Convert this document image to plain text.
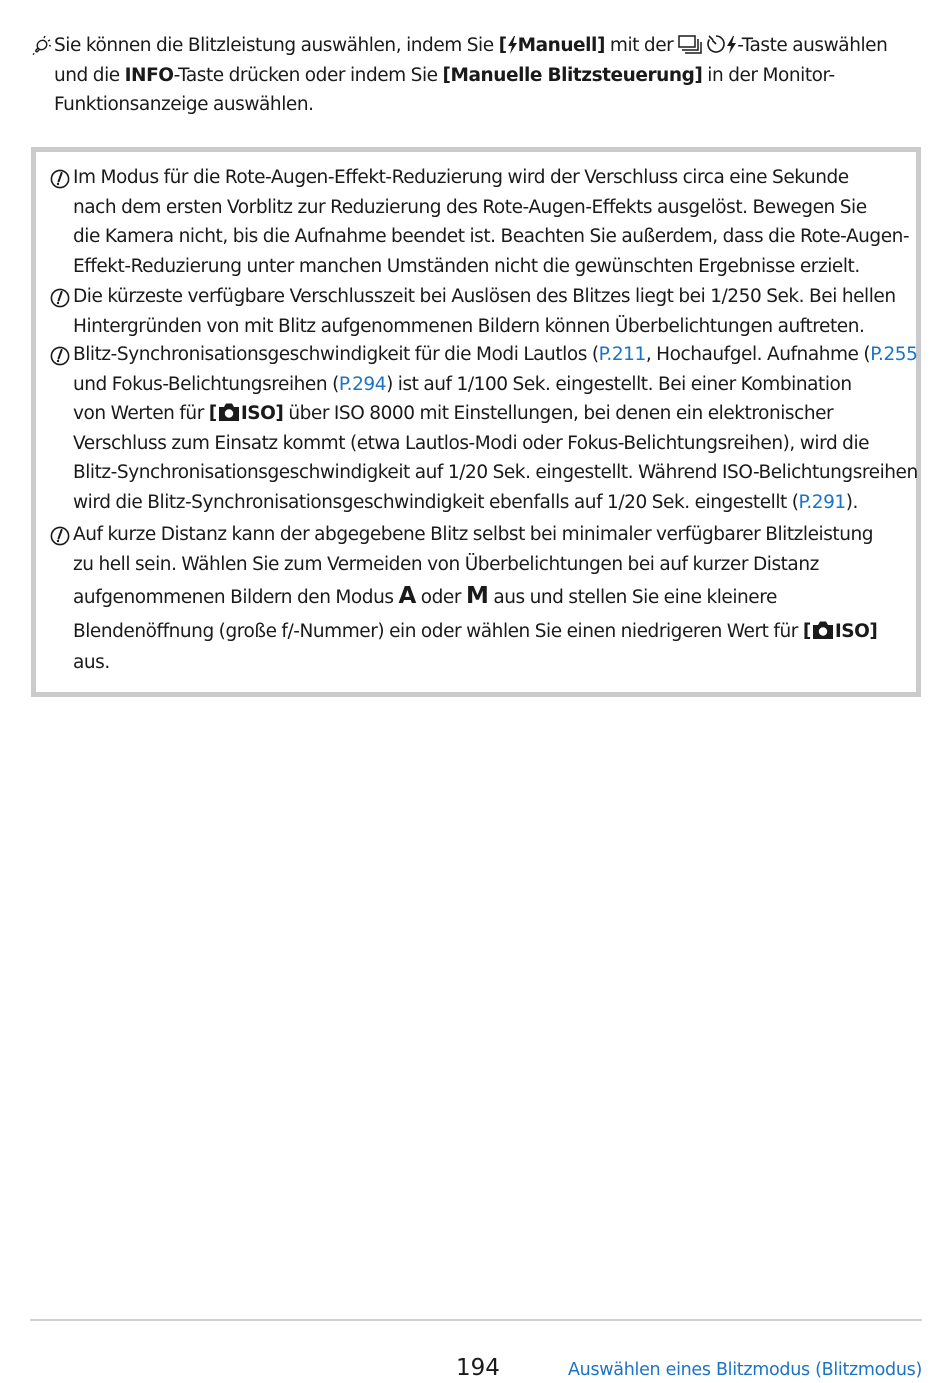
Sie können die Blitzleistung auswählen, indem Sie [ Manuell] mit der	-Taste auswählen
und die INFO-Taste drücken oder indem Sie [Manuelle Blitzsteuerung] in der Monitor-
Funktionsanzeige auswählen.
Im Modus für die Rote-Augen-Effekt-Reduzierung wird der Verschluss circa eine Sekunde
nach dem ersten Vorblitz zur Reduzierung des Rote-Augen-Effekts ausgelöst. Bewegen Sie
die Kamera nicht, bis die Aufnahme beendet ist. Beachten Sie außerdem, dass die Rote-Augen-
Effekt-Reduzierung unter manchen Umständen nicht die gewünschten Ergebnisse erzielt.
Die kürzeste verfügbare Verschlusszeit bei Auslösen des Blitzes liegt bei 1/250 Sek. Bei hellen
Hintergründen von mit Blitz aufgenommenen Bildern können Überbelichtungen auftreten.
Blitz-Synchronisationsgeschwindigkeit für die Modi Lautlos (P.211, Hochaufgel. Aufnahme (P.255
und Fokus-Belichtungsreihen (P.294) ist auf 1/100 Sek. eingestellt. Bei einer Kombination
von Werten für [ ISO] über ISO 8000 mit Einstellungen, bei denen ein elektronischer
Verschluss zum Einsatz kommt (etwa Lautlos-Modi oder Fokus-Belichtungsreihen), wird die
Blitz-Synchronisationsgeschwindigkeit auf 1/20 Sek. eingestellt. Während ISO-Belichtungsreihen
wird die Blitz-Synchronisationsgeschwindigkeit ebenfalls auf 1/20 Sek. eingestellt (P.291).
Auf kurze Distanz kann der abgegebene Blitz selbst bei minimaler verfügbarer Blitzleistung
zu hell sein. Wählen Sie zum Vermeiden von Überbelichtungen bei auf kurzer Distanz
aufgenommenen Bildern den Modus A oder M aus und stellen Sie eine kleinere
Blendenöffnung (große f/-Nummer) ein oder wählen Sie einen niedrigeren Wert für [ ISO]
aus.
194	Auswählen eines Blitzmodus (Blitzmodus)
